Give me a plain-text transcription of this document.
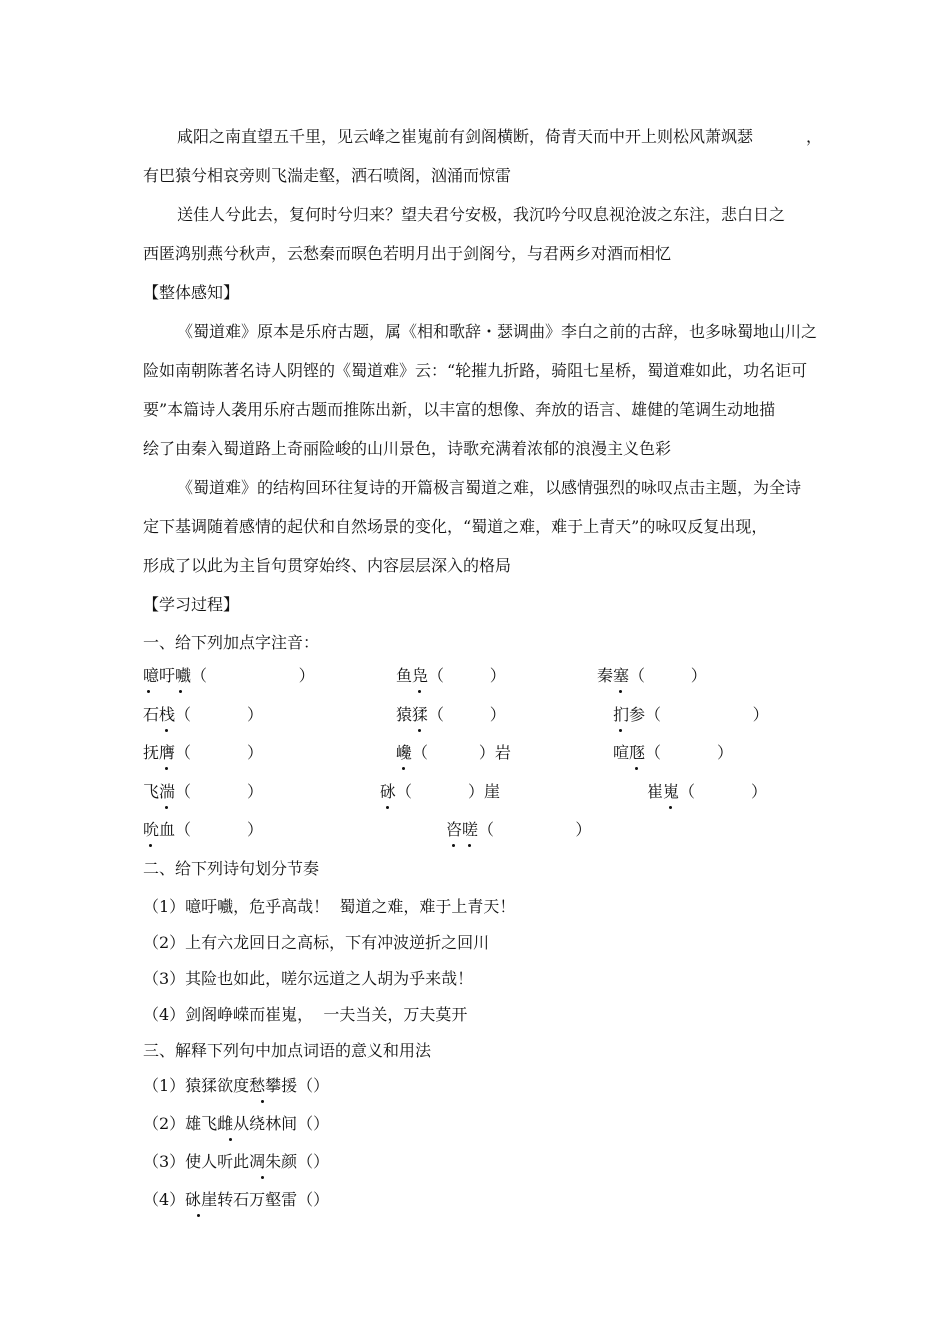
咸阳之南直望五千里，见云峰之崔嵬前有剑阁横断，倚青天而中开上则松风萧飒瑟	，
有巴猿兮相哀旁则飞湍走壑，洒石喷阁，汹涌而惊雷
送佳人兮此去，复何时兮归来？望夫君兮安极，我沉吟兮叹息视沧波之东注，悲白日之
西匿鸿别燕兮秋声，云愁秦而暝色若明月出于剑阁兮，与君两乡对酒而相忆
【整体感知】
《蜀道难》原本是乐府古题，属《相和歌辞・瑟调曲》李白之前的古辞，也多咏蜀地山川之
险如南朝陈著名诗人阴铿的《蜀道难》云：“轮摧九折路，骑阻七星桥，蜀道难如此，功名讵可
要”本篇诗人袭用乐府古题而推陈出新，以丰富的想像、奔放的语言、雄健的笔调生动地描
绘了由秦入蜀道路上奇丽险峻的山川景色，诗歌充满着浓郁的浪漫主义色彩
《蜀道难》的结构回环往复诗的开篇极言蜀道之难，以感情强烈的咏叹点击主题，为全诗
定下基调随着感情的起伏和自然场景的变化，“蜀道之难，难于上青天”的咏叹反复出现，
形成了以此为主旨句贯穿始终、内容层层深入的格局
【学习过程】
一、给下列加点字注音：
噫吁嚱（                  ）	鱼凫（         ）	秦塞（         ）
石栈（           ）	猿猱（         ）	扪参（                  ）
抚膺（           ）	巉（          ）岩	喧豗（           ）
飞湍（           ）	砯（           ）崖	崔嵬（           ）
吮血（           ）	咨嗟（                ）
二、给下列诗句划分节奏
（1）噫吁嚱，危乎高哉！  蜀道之难，难于上青天！
（2）上有六龙回日之高标，下有冲波逆折之回川
（3）其险也如此，嗟尔远道之人胡为乎来哉！
（4）剑阁峥嵘而崔嵬，  一夫当关，万夫莫开
三、解释下列句中加点词语的意义和用法
（1）猿猱欲度愁攀援（）
（2）雄飞雌从绕林间（）
（3）使人听此凋朱颜（）
（4）砯崖转石万壑雷（）
